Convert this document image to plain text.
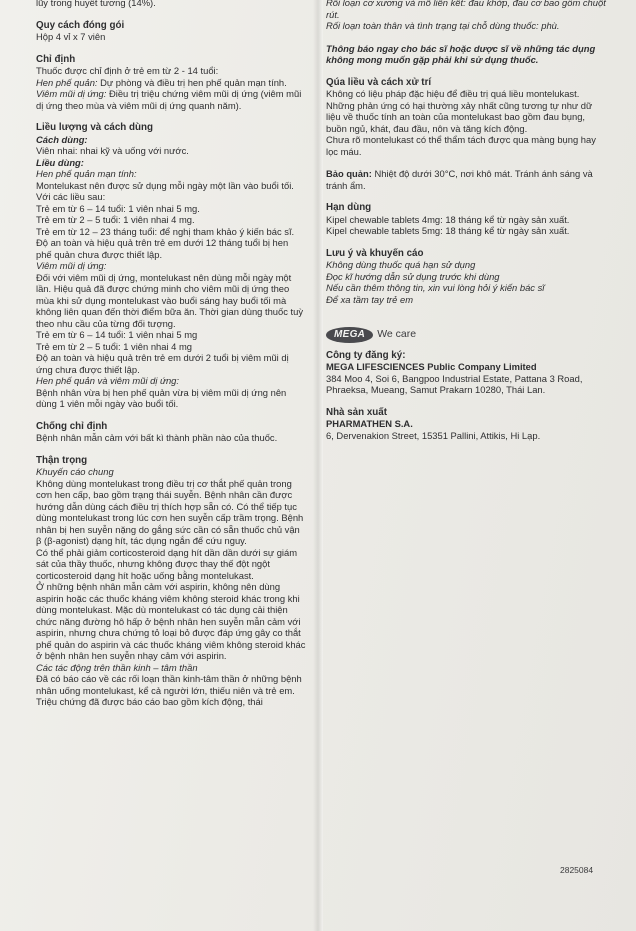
lũy trong huyết tương (14%).

Quy cách đóng gói

Hộp 4 vỉ x 7 viên

Chỉ định

Thuốc được chỉ định ở trẻ em từ 2 - 14 tuổi:

Hen phế quản: Dự phòng và điều trị hen phế quản mạn tính.

Viêm mũi dị ứng: Điều trị triệu chứng viêm mũi dị ứng (viêm mũi dị ứng theo mùa và viêm mũi dị ứng quanh năm).

Liều lượng và cách dùng

Cách dùng:

Viên nhai: nhai kỹ và uống với nước.

Liều dùng:

Hen phế quản mạn tính:

Montelukast nên được sử dụng mỗi ngày một lần vào buổi tối.

Với các liều sau:

Trẻ em từ 6 – 14 tuổi: 1 viên nhai 5 mg.

Trẻ em từ 2 – 5 tuổi: 1 viên nhai 4 mg.

Trẻ em từ 12 – 23 tháng tuổi: để nghị tham khảo ý kiến bác sĩ.

Độ an toàn và hiệu quả trên trẻ em dưới 12 tháng tuổi bị hen phế quản chưa được thiết lập.

Viêm mũi dị ứng:

Đối với viêm mũi dị ứng, montelukast nên dùng mỗi ngày một lần. Hiệu quả đã được chứng minh cho viêm mũi dị ứng theo mùa khi sử dụng montelukast vào buổi sáng hay buổi tối mà không liên quan đến thời điểm bữa ăn. Thời gian dùng thuốc tuỳ theo nhu cầu của từng đối tượng.

Trẻ em từ 6 – 14 tuổi: 1 viên nhai 5 mg

Trẻ em từ 2 – 5 tuổi: 1 viên nhai 4 mg

Độ an toàn và hiệu quả trên trẻ em dưới 2 tuổi bị viêm mũi dị ứng chưa được thiết lập.

Hen phế quản và viêm mũi dị ứng:

Bệnh nhân vừa bị hen phế quản vừa bị viêm mũi dị ứng nên dùng 1 viên mỗi ngày vào buổi tối.

Chống chỉ định

Bệnh nhân mẫn cảm với bất kì thành phần nào của thuốc.

Thận trọng

Khuyến cáo chung

Không dùng montelukast trong điều trị cơ thắt phế quản trong cơn hen cấp, bao gồm trạng thái suyễn. Bệnh nhân cần được hướng dẫn dùng cách điều trị thích hợp sẵn có. Có thể tiếp tục dùng montelukast trong lúc cơn hen suyễn cấp trầm trọng. Bệnh nhân bị hen suyễn nặng do gắng sức cần có sẵn thuốc chủ vận β (β-agonist) dạng hít, tác dụng ngắn để cứu nguy.

Có thể phải giảm corticosteroid dạng hít dần dần dưới sự giám sát của thầy thuốc, nhưng không được thay thế đột ngột corticosteroid dạng hít hoặc uống bằng montelukast.

Ở những bệnh nhân mẫn cảm với aspirin, không nên dùng aspirin hoặc các thuốc kháng viêm không steroid khác trong khi dùng montelukast. Mặc dù montelukast có tác dụng cải thiện chức năng đường hô hấp ở bệnh nhân hen suyễn mẫn cảm với aspirin, nhưng chưa chứng tỏ loại bỏ được đáp ứng gây co thắt phế quản do aspirin và các thuốc kháng viêm không steroid khác ở bệnh nhân hen suyễn nhạy cảm với aspirin.

Các tác động trên thần kinh – tâm thần

Đã có báo cáo về các rối loạn thần kinh-tâm thần ở những bệnh nhân uống montelukast, kể cả người lớn, thiếu niên và trẻ em. Triệu chứng đã được báo cáo bao gồm kích động, thái

Rối loạn cơ xương và mô liên kết: đau khớp, đau cơ bao gồm chuột rút.

Rối loạn toàn thân và tình trạng tại chỗ dùng thuốc: phù.

Thông báo ngay cho bác sĩ hoặc dược sĩ về những tác dụng không mong muốn gặp phải khi sử dụng thuốc.

Qúa liều và cách xử trí

Không có liệu pháp đặc hiệu để điều trị quá liều montelukast. Những phản ứng có hại thường xảy nhất cũng tương tự như dữ liệu về thuốc tính an toàn của montelukast bao gồm đau bụng, buồn ngủ, khát, đau đầu, nôn và tăng kích động.

Chưa rõ montelukast có thể thẩm tách được qua màng bụng hay lọc máu.

Bảo quản: Nhiệt độ dưới 30°C, nơi khô mát. Tránh ánh sáng và tránh ẩm.

Hạn dùng

Kipel chewable tablets 4mg: 18 tháng kể từ ngày sản xuất.

Kipel chewable tablets 5mg: 18 tháng kể từ ngày sản xuất.

Lưu ý và khuyến cáo

Không dùng thuốc quá hạn sử dụng

Đọc kĩ hướng dẫn sử dụng trước khi dùng

Nếu cần thêm thông tin, xin vui lòng hỏi ý kiến bác sĩ

Để xa tầm tay trẻ em

MEGA	We care

Công ty đăng ký:

MEGA LIFESCIENCES Public Company Limited

384 Moo 4, Soi 6, Bangpoo Industrial Estate, Pattana 3 Road, Phraeksa, Mueang, Samut Prakarn 10280, Thái Lan.

Nhà sản xuất

PHARMATHEN S.A.

6, Dervenakion Street, 15351 Pallini, Attikis, Hi Lạp.

2825084
